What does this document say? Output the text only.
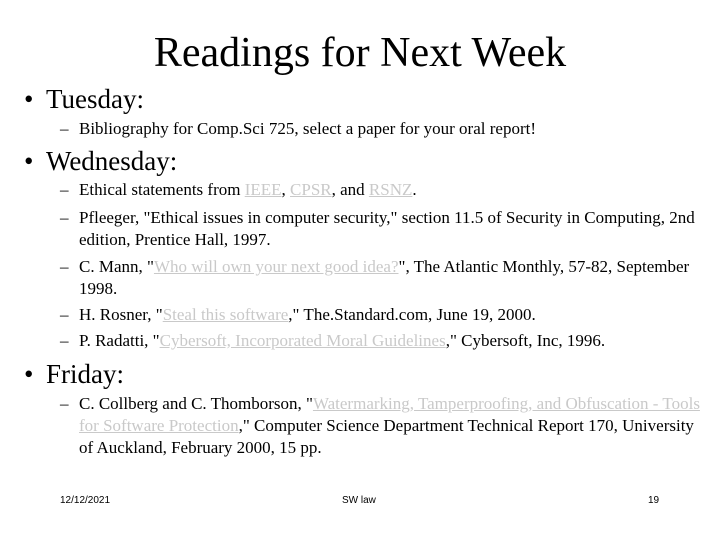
Readings for Next Week
• Tuesday:
– Bibliography for Comp.Sci 725, select a paper for your oral report!
• Wednesday:
– Ethical statements from IEEE, CPSR, and RSNZ.
– Pfleeger, "Ethical issues in computer security," section 11.5 of Security in Computing, 2nd edition, Prentice Hall, 1997.
– C. Mann, "Who will own your next good idea?", The Atlantic Monthly, 57-82, September 1998.
– H. Rosner, "Steal this software," The.Standard.com, June 19, 2000.
– P. Radatti, "Cybersoft, Incorporated Moral Guidelines," Cybersoft, Inc, 1996.
• Friday:
– C. Collberg and C. Thomborson, "Watermarking, Tamperproofing, and Obfuscation - Tools for Software Protection," Computer Science Department Technical Report 170, University of Auckland, February 2000, 15 pp.
12/12/2021	SW law	19
